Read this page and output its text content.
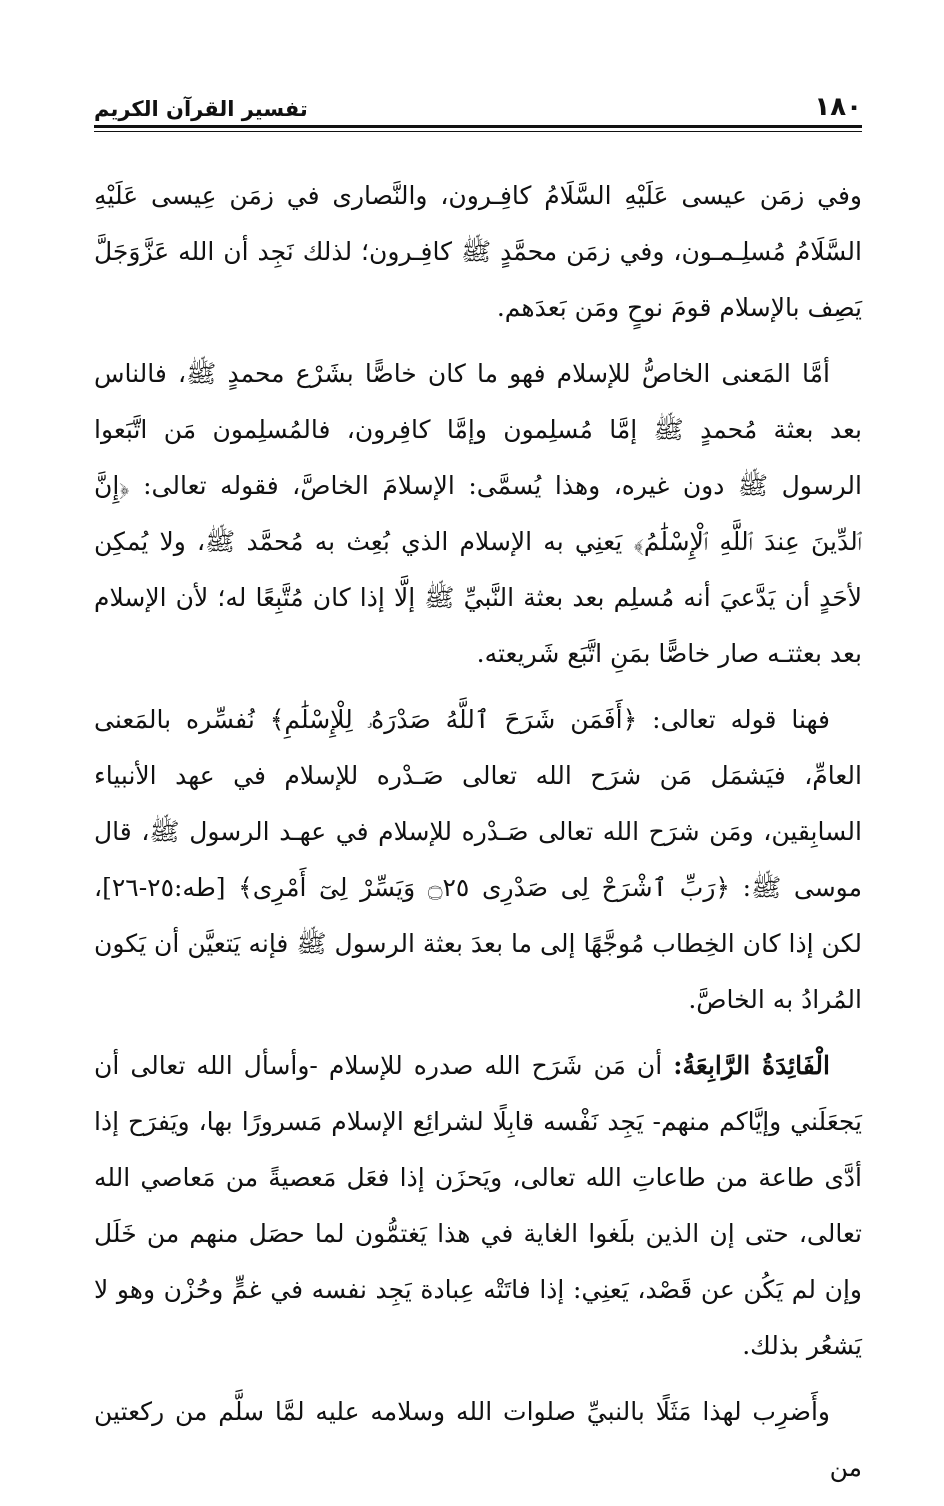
١٨٠
تفسير القرآن الكريم

وفي زمَن عيسى عَلَيْهِ السَّلَامُ كافِـرون، والنَّصارى في زمَن عِيسى عَلَيْهِ السَّلَامُ مُسلِـمـون، وفي زمَن محمَّدٍ ﷺ كافِـرون؛ لذلك نَجِد أن الله عَزَّوَجَلَّ يَصِف بالإسلام قومَ نوحٍ ومَن بَعدَهم.

أمَّا المَعنى الخاصُّ للإسلام فهو ما كان خاصًّا بشَرْع محمدٍ ﷺ، فالناس بعد بعثة مُحمدٍ ﷺ إمَّا مُسلِمون وإمَّا كافِرون، فالمُسلِمون مَن اتَّبَعوا الرسول ﷺ دون غيره، وهذا يُسمَّى: الإسلامَ الخاصَّ، فقوله تعالى: ﴿إِنَّ ٱلدِّينَ عِندَ ٱللَّهِ ٱلْإِسْلَٰمُ﴾ يَعنِي به الإسلام الذي بُعِث به مُحمَّد ﷺ، ولا يُمكِن لأحَدٍ أن يَدَّعيَ أنه مُسلِم بعد بعثة النَّبيِّ ﷺ إلَّا إذا كان مُتَّبِعًا له؛ لأن الإسلام بعد بعثتـه صار خاصًّا بمَنِ اتَّبَع شَريعته.

فهنا قوله تعالى: ﴿أَفَمَن شَرَحَ ٱللَّهُ صَدْرَهُۥ لِلْإِسْلَٰمِ﴾ نُفسِّره بالمَعنى العامِّ، فيَشمَل مَن شرَح الله تعالى صَـدْره للإسلام في عهد الأنبياء السابِقين، ومَن شرَح الله تعالى صَـدْره للإسلام في عهـد الرسول ﷺ، قال موسى ﷺ: ﴿رَبِّ ٱشْرَحْ لِى صَدْرِى ۝٢٥ وَيَسِّرْ لِىٓ أَمْرِى﴾ [طه:٢٥-٢٦]، لكن إذا كان الخِطاب مُوجَّهًا إلى ما بعدَ بعثة الرسول ﷺ فإنه يَتعيَّن أن يَكون المُرادُ به الخاصَّ.

الْفَائِدَةُ الرَّابِعَةُ: أن مَن شَرَح الله صدره للإسلام -وأسأل الله تعالى أن يَجعَلَني وإيَّاكم منهم- يَجِد نَفْسه قابِلًا لشرائِع الإسلام مَسرورًا بها، ويَفرَح إذا أدَّى طاعة من طاعاتِ الله تعالى، ويَحزَن إذا فعَل مَعصيةً من مَعاصي الله تعالى، حتى إن الذين بلَغوا الغاية في هذا يَغتمُّون لما حصَل منهم من خَلَل وإن لم يَكُن عن قَصْد، يَعنِي: إذا فاتَتْه عِبادة يَجِد نفسه في غمٍّ وحُزْن وهو لا يَشعُر بذلك.

وأَضرِب لهذا مَثَلًا بالنبيِّ صلوات الله وسلامه عليه لمَّا سلَّم من ركعتين من
